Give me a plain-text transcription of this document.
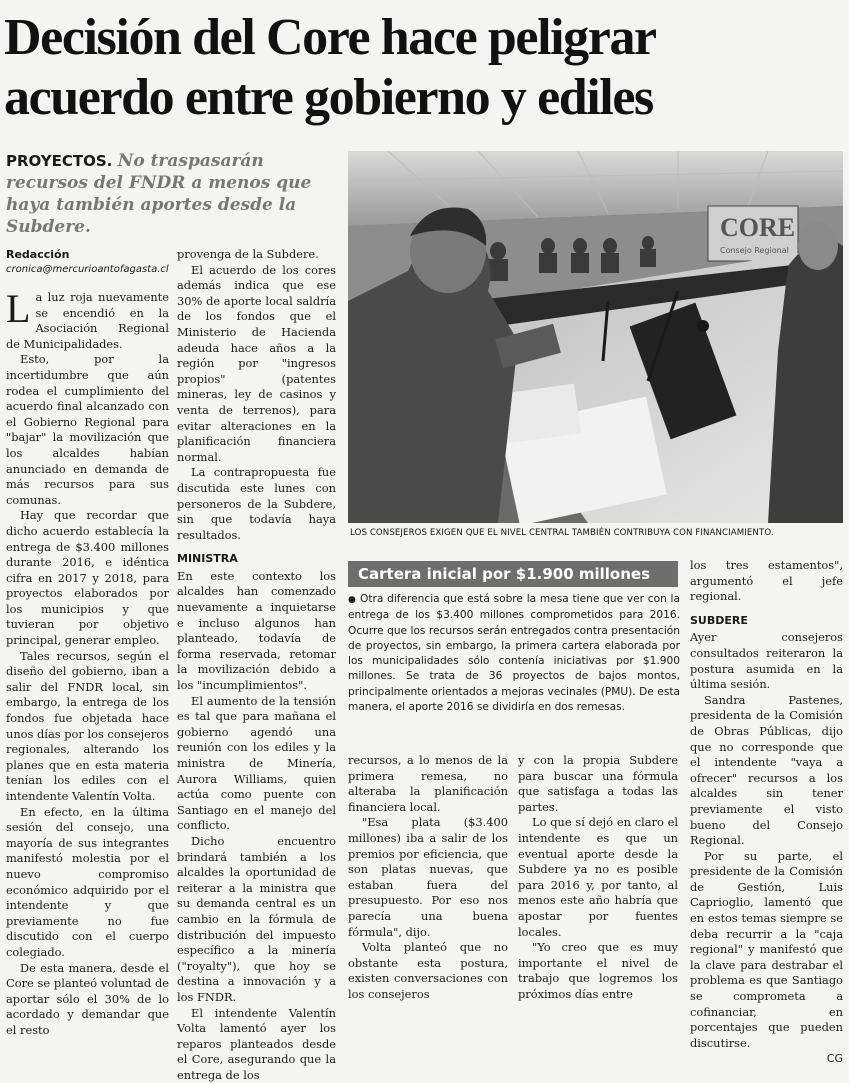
Decisión del Core hace peligrar
acuerdo entre gobierno y ediles
PROYECTOS. No traspasarán recursos del FNDR a menos que haya también aportes desde la Subdere.
Redacción
cronica@mercurioantofagasta.cl

La luz roja nuevamente se encendió en la Asociación Regional de Municipalidades.

Esto, por la incertidumbre que aún rodea el cumplimiento del acuerdo final alcanzado con el Gobierno Regional para "bajar" la movilización que los alcaldes habían anunciado en demanda de más recursos para sus comunas.

Hay que recordar que dicho acuerdo establecía la entrega de $3.400 millones durante 2016, e idéntica cifra en 2017 y 2018, para proyectos elaborados por los municipios y que tuvieran por objetivo principal, generar empleo.

Tales recursos, según el diseño del gobierno, iban a salir del FNDR local, sin embargo, la entrega de los fondos fue objetada hace unos días por los consejeros regionales, alterando los planes que en esta materia tenían los ediles con el intendente Valentín Volta.

En efecto, en la última sesión del consejo, una mayoría de sus integrantes manifestó molestia por el nuevo compromiso económico adquirido por el intendente y que previamente no fue discutido con el cuerpo colegiado.

De esta manera, desde el Core se planteó voluntad de aportar sólo el 30% de lo acordado y demandar que el resto

provenga de la Subdere.

El acuerdo de los cores además indica que ese 30% de aporte local saldría de los fondos que el Ministerio de Hacienda adeuda hace años a la región por "ingresos propios" (patentes mineras, ley de casinos y venta de terrenos), para evitar alteraciones en la planificación financiera normal.

La contrapropuesta fue discutida este lunes con personeros de la Subdere, sin que todavía haya resultados.

MINISTRA

En este contexto los alcaldes han comenzado nuevamente a inquietarse e incluso algunos han planteado, todavía de forma reservada, retomar la movilización debido a los "incumplimientos".

El aumento de la tensión es tal que para mañana el gobierno agendó una reunión con los ediles y la ministra de Minería, Aurora Williams, quien actúa como puente con Santiago en el manejo del conflicto.

Dicho encuentro brindará también a los alcaldes la oportunidad de reiterar a la ministra que su demanda central es un cambio en la fórmula de distribución del impuesto específico a la minería ("royalty"), que hoy se destina a innovación y a los FNDR.

El intendente Valentín Volta lamentó ayer los reparos planteados desde el Core, asegurando que la entrega de los

CORE
Consejo Regional
LOS CONSEJEROS EXIGEN QUE EL NIVEL CENTRAL TAMBIÉN CONTRIBUYA CON FINANCIAMIENTO.
Cartera inicial por $1.900 millones
● Otra diferencia que está sobre la mesa tiene que ver con la entrega de los $3.400 millones comprometidos para 2016. Ocurre que los recursos serán entregados contra presentación de proyectos, sin embargo, la primera cartera elaborada por los municipalidades sólo contenía iniciativas por $1.900 millones. Se trata de 36 proyectos de bajos montos, principalmente orientados a mejoras vecinales (PMU). De esta manera, el aporte 2016 se dividiría en dos remesas.

recursos, a lo menos de la primera remesa, no alteraba la planificación financiera local.

"Esa plata ($3.400 millones) iba a salir de los premios por eficiencia, que son platas nuevas, que estaban fuera del presupuesto. Por eso nos parecía una buena fórmula", dijo.

Volta planteó que no obstante esta postura, existen conversaciones con los consejeros

y con la propia Subdere para buscar una fórmula que satisfaga a todas las partes.

Lo que sí dejó en claro el intendente es que un eventual aporte desde la Subdere ya no es posible para 2016 y, por tanto, al menos este año habría que apostar por fuentes locales.

"Yo creo que es muy importante el nivel de trabajo que logremos los próximos días entre

los tres estamentos", argumentó el jefe regional.

SUBDERE

Ayer consejeros consultados reiteraron la postura asumida en la última sesión.

Sandra Pastenes, presidenta de la Comisión de Obras Públicas, dijo que no corresponde que el intendente "vaya a ofrecer" recursos a los alcaldes sin tener previamente el visto bueno del Consejo Regional.

Por su parte, el presidente de la Comisión de Gestión, Luis Caprioglio, lamentó que en estos temas siempre se deba recurrir a la "caja regional" y manifestó que la clave para destrabar el problema es que Santiago se comprometa a cofinanciar, en porcentajes que pueden discutirse.

CG
